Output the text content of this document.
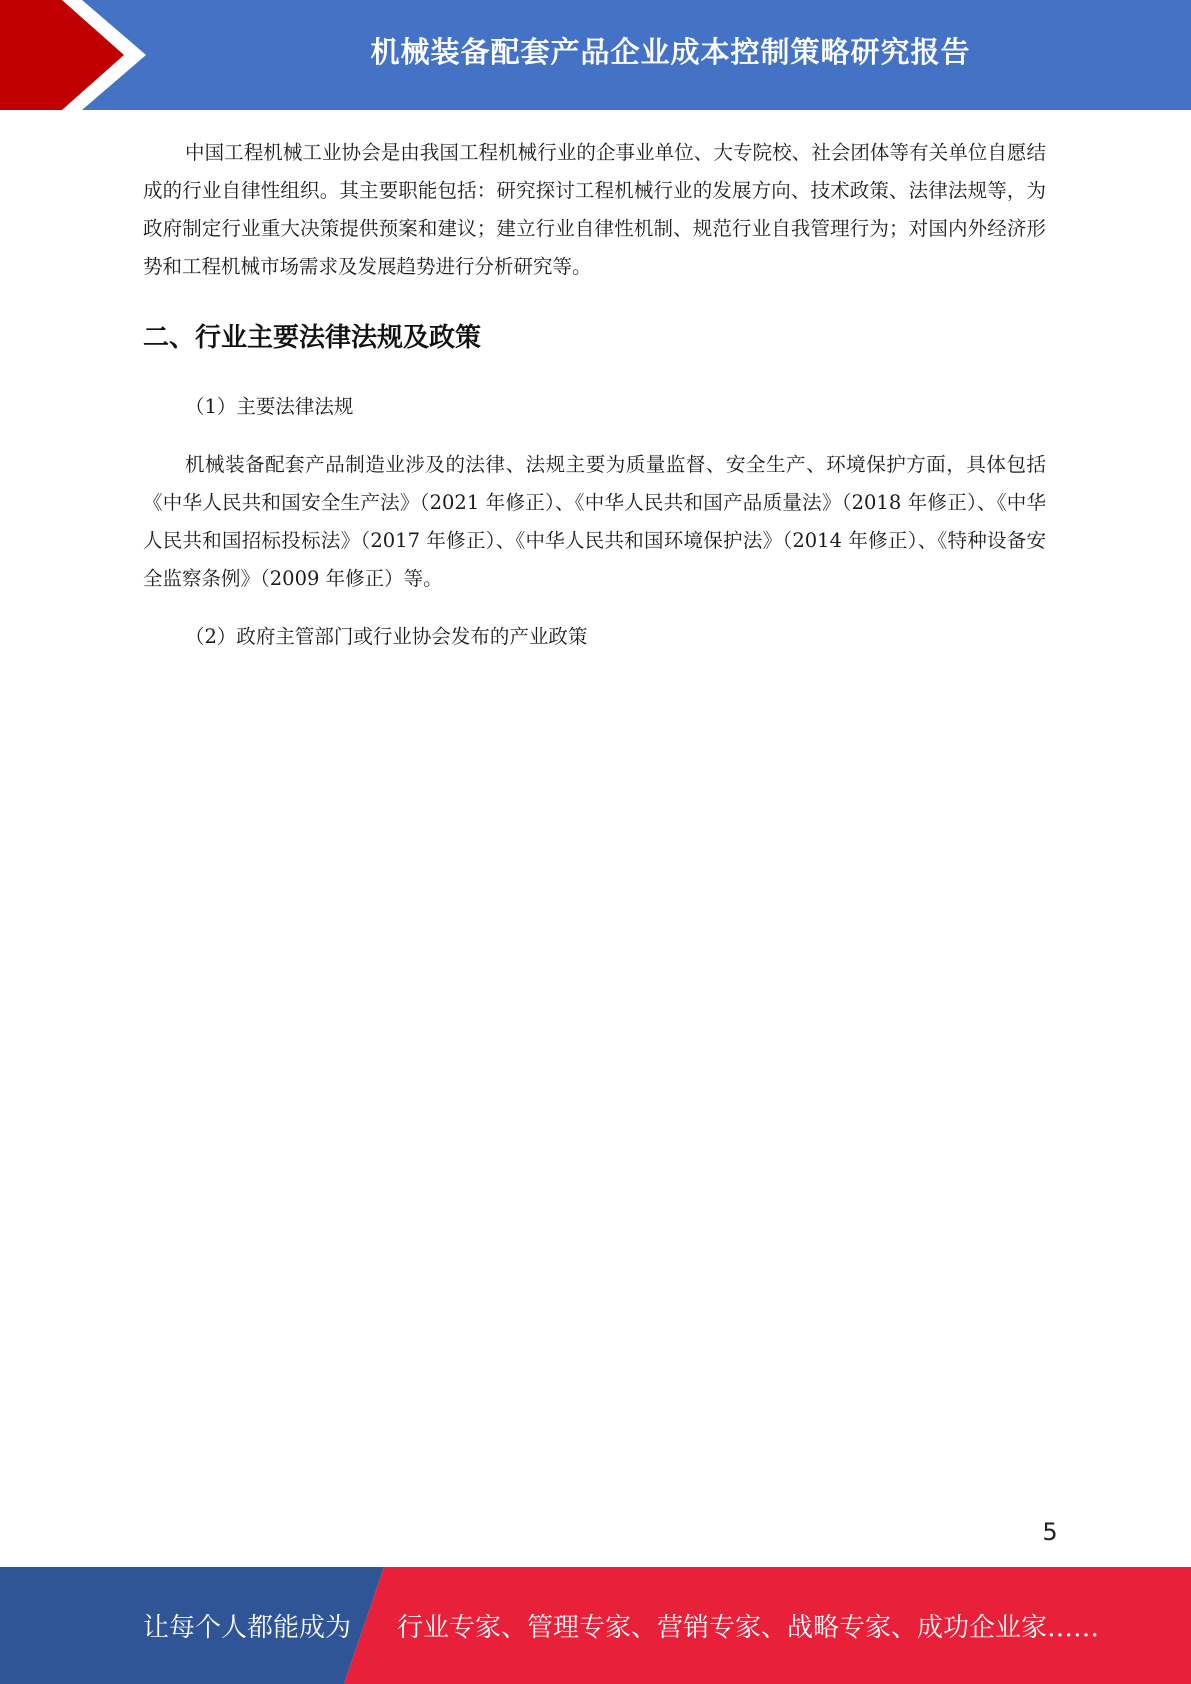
机械装备配套产品企业成本控制策略研究报告

中国工程机械工业协会是由我国工程机械行业的企事业单位、大专院校、社会团体等有关单位自愿结成的行业自律性组织。其主要职能包括：研究探讨工程机械行业的发展方向、技术政策、法律法规等，为政府制定行业重大决策提供预案和建议；建立行业自律性机制、规范行业自我管理行为；对国内外经济形势和工程机械市场需求及发展趋势进行分析研究等。

二、行业主要法律法规及政策

（1）主要法律法规

机械装备配套产品制造业涉及的法律、法规主要为质量监督、安全生产、环境保护方面，具体包括《中华人民共和国安全生产法》（2021 年修正）、《中华人民共和国产品质量法》（2018 年修正）、《中华人民共和国招标投标法》（2017 年修正）、《中华人民共和国环境保护法》（2014 年修正）、《特种设备安全监察条例》（2009 年修正）等。

（2）政府主管部门或行业协会发布的产业政策

5
让每个人都能成为 行业专家、管理专家、营销专家、战略专家、成功企业家……
